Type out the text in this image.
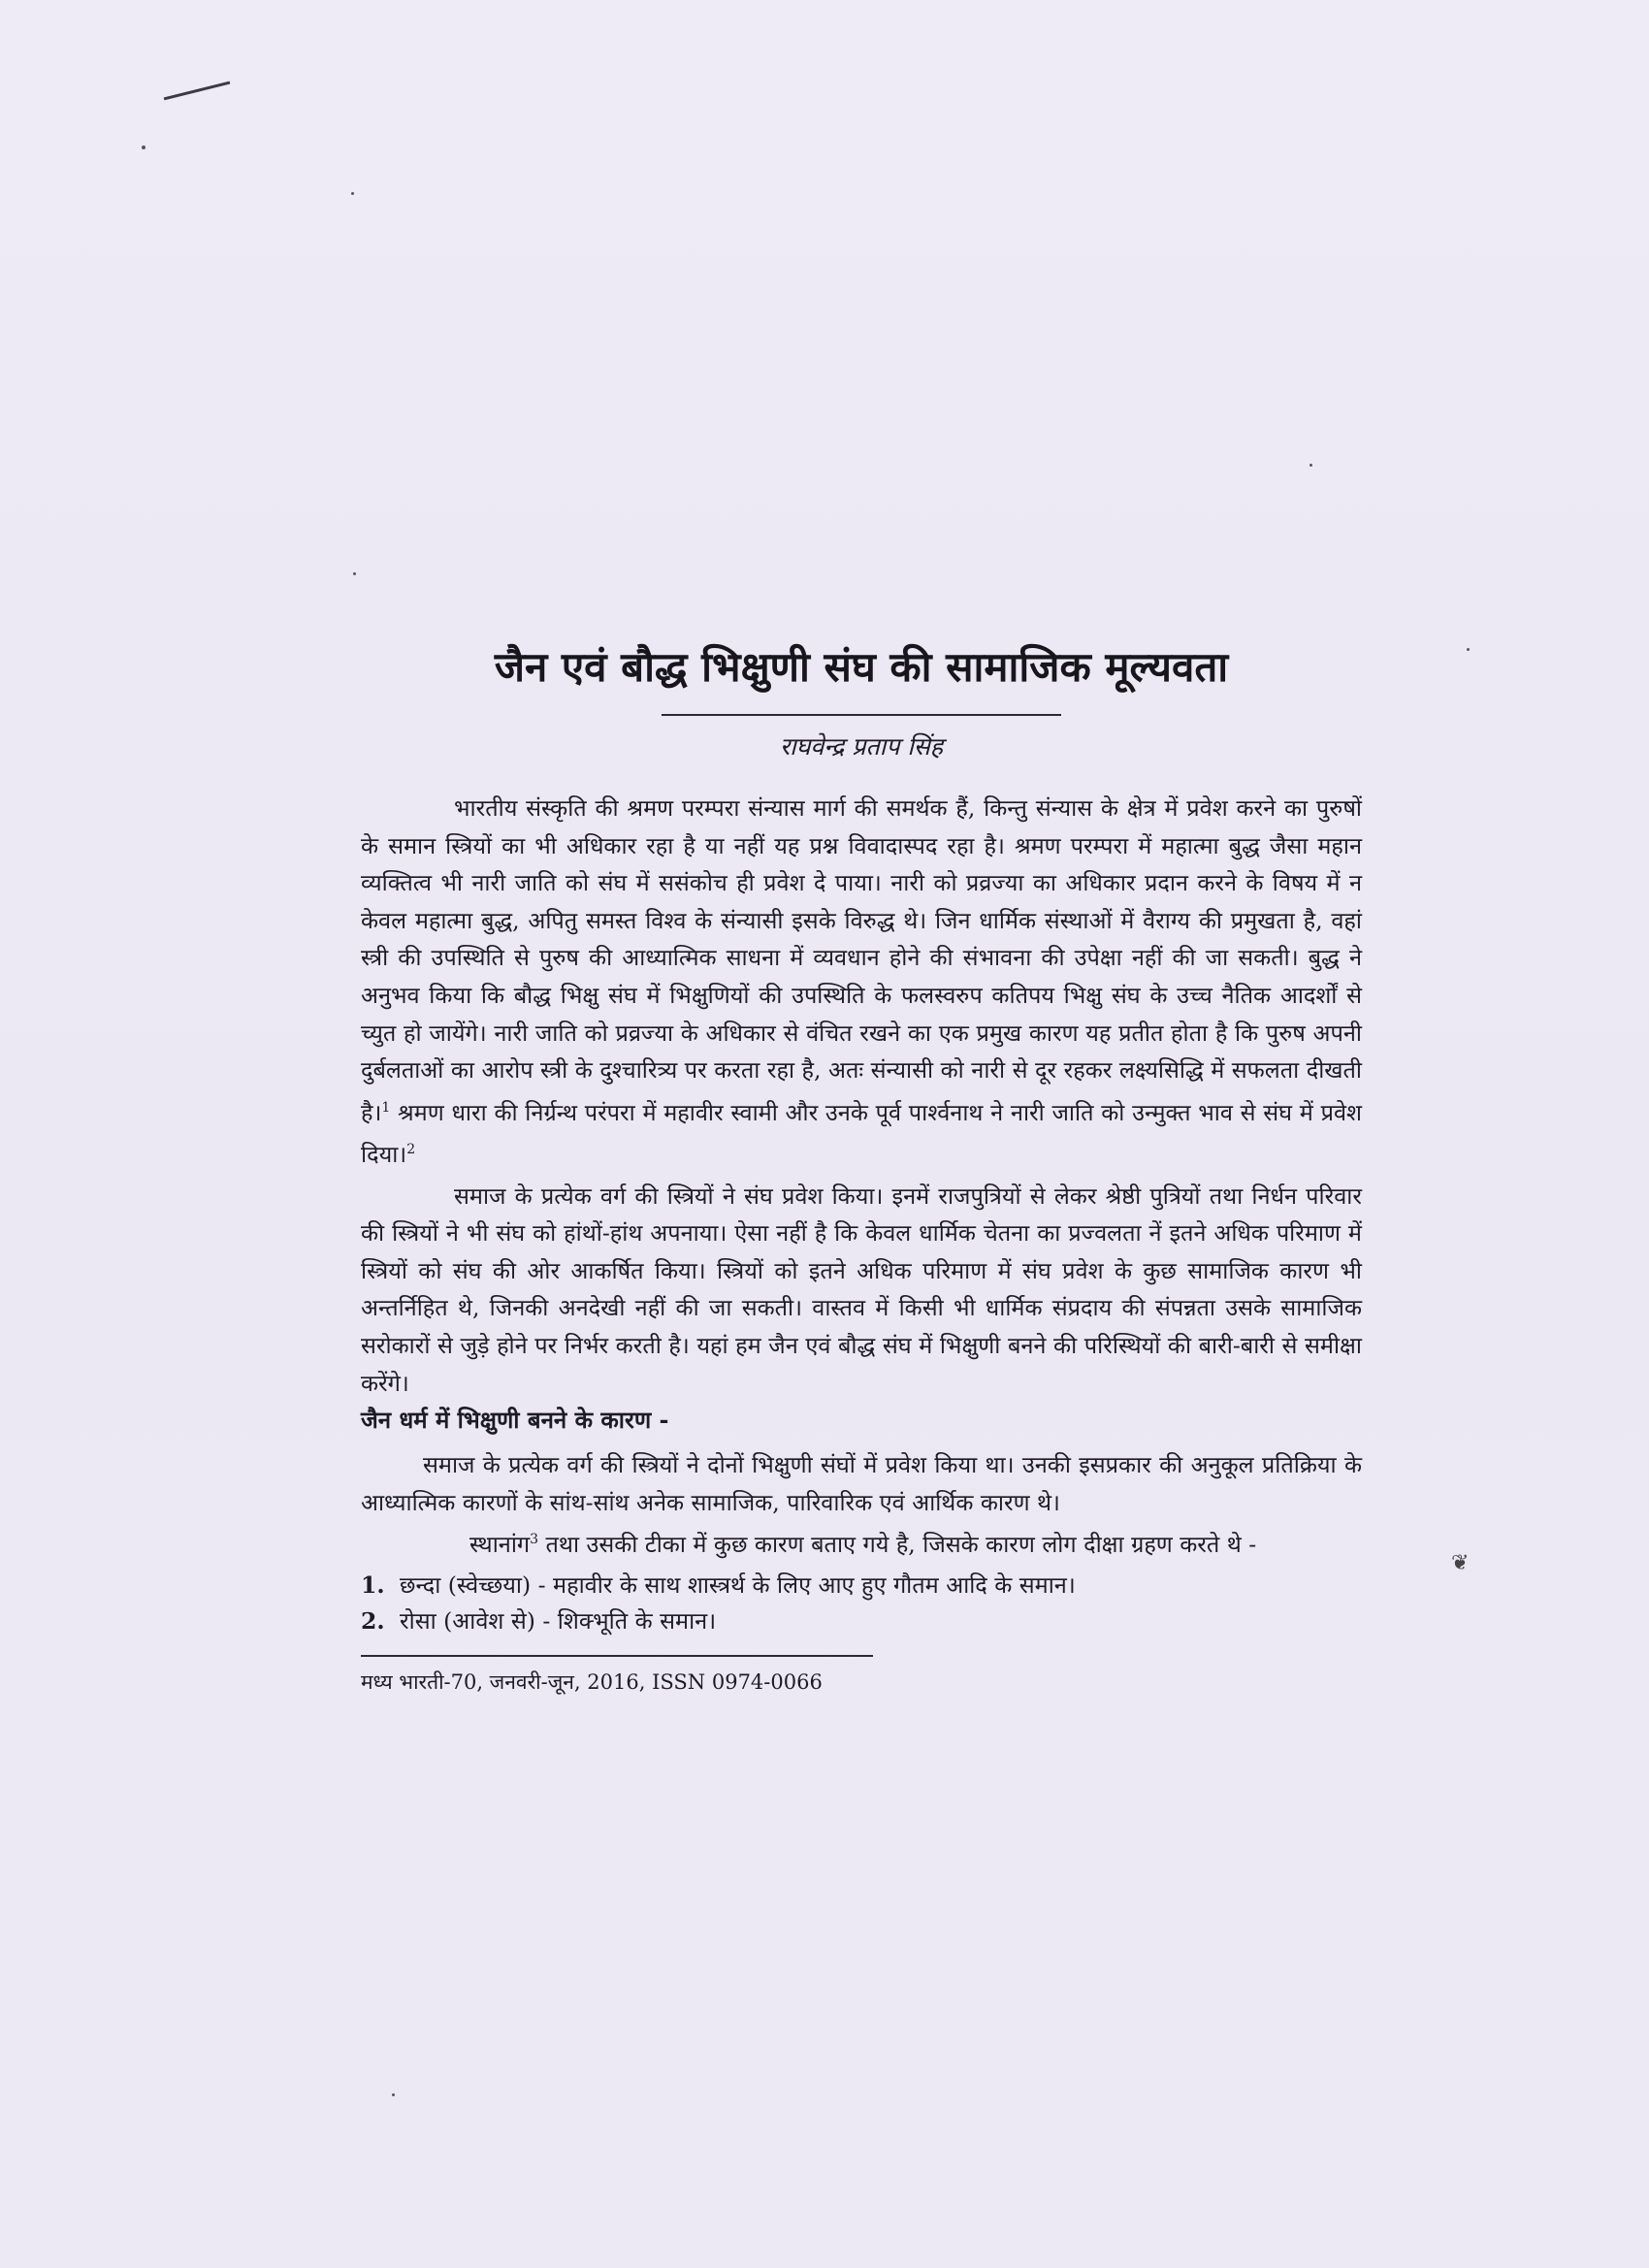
❦
जैन एवं बौद्ध भिक्षुणी संघ की सामाजिक मूल्यवता
राघवेन्द्र प्रताप सिंह

भारतीय संस्कृति की श्रमण परम्परा संन्यास मार्ग की समर्थक हैं, किन्तु संन्यास के क्षेत्र में प्रवेश करने का पुरुषों के समान स्त्रियों का भी अधिकार रहा है या नहीं यह प्रश्न विवादास्पद रहा है। श्रमण परम्परा में महात्मा बुद्ध जैसा महान व्यक्तित्व भी नारी जाति को संघ में ससंकोच ही प्रवेश दे पाया। नारी को प्रव्रज्या का अधिकार प्रदान करने के विषय में न केवल महात्मा बुद्ध, अपितु समस्त विश्व के संन्यासी इसके विरुद्ध थे। जिन धार्मिक संस्थाओं में वैराग्य की प्रमुखता है, वहां स्त्री की उपस्थिति से पुरुष की आध्यात्मिक साधना में व्यवधान होने की संभावना की उपेक्षा नहीं की जा सकती। बुद्ध ने अनुभव किया कि बौद्ध भिक्षु संघ में भिक्षुणियों की उपस्थिति के फलस्वरुप कतिपय भिक्षु संघ के उच्च नैतिक आदर्शों से च्युत हो जायेंगे। नारी जाति को प्रव्रज्या के अधिकार से वंचित रखने का एक प्रमुख कारण यह प्रतीत होता है कि पुरुष अपनी दुर्बलताओं का आरोप स्त्री के दुश्चारित्र्य पर करता रहा है, अतः संन्यासी को नारी से दूर रहकर लक्ष्यसिद्धि में सफलता दीखती है।$^1$ श्रमण धारा की निर्ग्रन्थ परंपरा में महावीर स्वामी और उनके पूर्व पार्श्वनाथ ने नारी जाति को उन्मुक्त भाव से संघ में प्रवेश दिया।$^2$

समाज के प्रत्येक वर्ग की स्त्रियों ने संघ प्रवेश किया। इनमें राजपुत्रियों से लेकर श्रेष्ठी पुत्रियों तथा निर्धन परिवार की स्त्रियों ने भी संघ को हांथों-हांथ अपनाया। ऐसा नहीं है कि केवल धार्मिक चेतना का प्रज्वलता नें इतने अधिक परिमाण में स्त्रियों को संघ की ओर आकर्षित किया। स्त्रियों को इतने अधिक परिमाण में संघ प्रवेश के कुछ सामाजिक कारण भी अन्तर्निहित थे, जिनकी अनदेखी नहीं की जा सकती। वास्तव में किसी भी धार्मिक संप्रदाय की संपन्नता उसके सामाजिक सरोकारों से जुड़े होने पर निर्भर करती है। यहां हम जैन एवं बौद्ध संघ में भिक्षुणी बनने की परिस्थियों की बारी-बारी से समीक्षा करेंगे।

जैन धर्म में भिक्षुणी बनने के कारण -

समाज के प्रत्येक वर्ग की स्त्रियों ने दोनों भिक्षुणी संघों में प्रवेश किया था। उनकी इसप्रकार की अनुकूल प्रतिक्रिया के आध्यात्मिक कारणों के सांथ-सांथ अनेक सामाजिक, पारिवारिक एवं आर्थिक कारण थे।

स्थानांग$^3$ तथा उसकी टीका में कुछ कारण बताए गये है, जिसके कारण लोग दीक्षा ग्रहण करते थे -

1. छन्दा (स्वेच्छया) - महावीर के साथ शास्त्रर्थ के लिए आए हुए गौतम आदि के समान।
2. रोसा (आवेश से) - शिक्भूति के समान।
मध्य भारती-70, जनवरी-जून, 2016, ISSN 0974-0066
